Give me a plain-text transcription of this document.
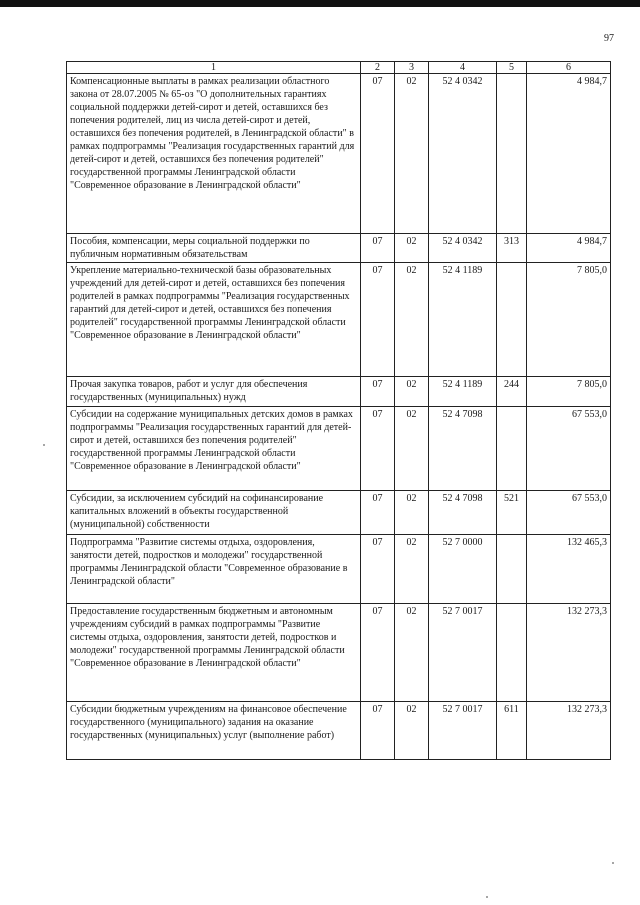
97
1	2	3	4	5	6
Компенсационные выплаты в рамках реализации областного закона от 28.07.2005 № 65-оз "О дополнительных гарантиях социальной поддержки детей-сирот и детей, оставшихся без попечения родителей, лиц из числа детей-сирот и детей, оставшихся без попечения родителей, в Ленинградской области" в рамках подпрограммы "Реализация государственных гарантий для детей-сирот и детей, оставшихся без попечения родителей" государственной программы Ленинградской области "Современное образование в Ленинградской области"	07	02	52 4 0342		4 984,7
Пособия, компенсации, меры социальной поддержки по публичным нормативным обязательствам	07	02	52 4 0342	313	4 984,7
Укрепление материально-технической базы образовательных учреждений для детей-сирот и детей, оставшихся без попечения родителей в рамках подпрограммы "Реализация государственных гарантий для детей-сирот и детей, оставшихся без попечения родителей" государственной программы Ленинградской области "Современное образование в Ленинградской области"	07	02	52 4 1189		7 805,0
Прочая закупка товаров, работ и услуг для обеспечения государственных (муниципальных) нужд	07	02	52 4 1189	244	7 805,0
Субсидии на содержание муниципальных детских домов в рамках подпрограммы "Реализация государственных гарантий для детей-сирот и детей, оставшихся без попечения родителей" государственной программы Ленинградской области "Современное образование в Ленинградской области"	07	02	52 4 7098		67 553,0
Субсидии, за исключением субсидий на софинансирование капитальных вложений в объекты государственной (муниципальной) собственности	07	02	52 4 7098	521	67 553,0
Подпрограмма "Развитие системы отдыха, оздоровления, занятости детей, подростков и молодежи" государственной программы Ленинградской области "Современное образование в Ленинградской области"	07	02	52 7 0000		132 465,3
Предоставление государственным бюджетным и автономным учреждениям субсидий в рамках подпрограммы "Развитие системы отдыха, оздоровления, занятости детей, подростков и молодежи" государственной программы Ленинградской области "Современное образование в Ленинградской области"	07	02	52 7 0017		132 273,3
Субсидии бюджетным учреждениям на финансовое обеспечение государственного (муниципального) задания на оказание государственных (муниципальных) услуг (выполнение работ)	07	02	52 7 0017	611	132 273,3
